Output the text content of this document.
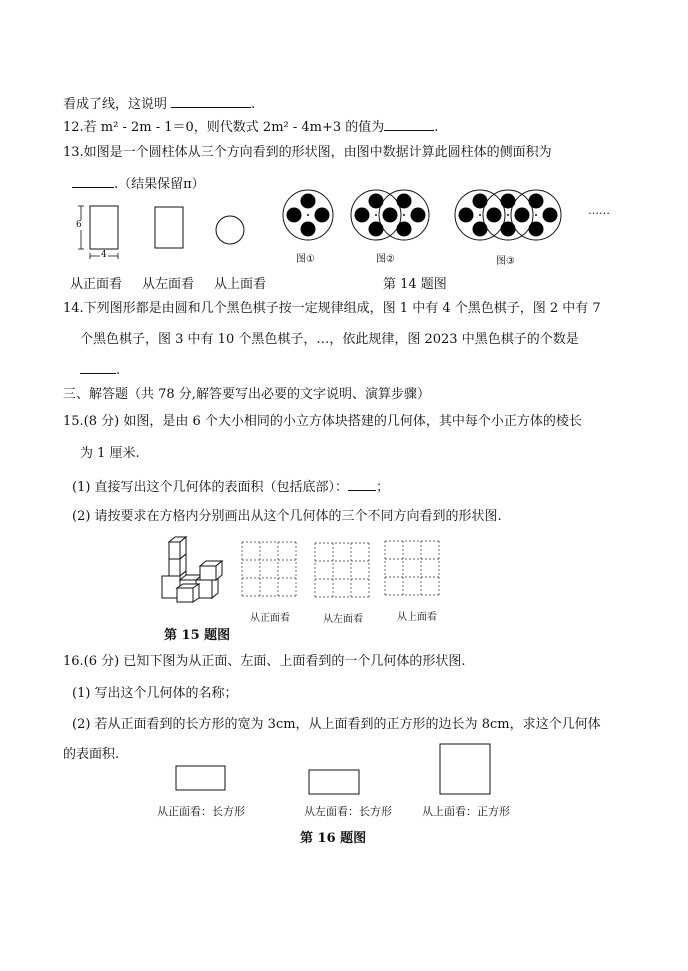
看成了线，这说明	.
12.若 m² - 2m - 1＝0，则代数式 2m² - 4m+3 的值为	.
13.如图是一个圆柱体从三个方向看到的形状图，由图中数据计算此圆柱体的侧面积为
.（结果保留π）
6
4
从正面看 从左面看 从上面看
图①	图②	图③
……
第 14 题图
14.下列图形都是由圆和几个黑色棋子按一定规律组成，图 1 中有 4 个黑色棋子，图 2 中有 7
个黑色棋子，图 3 中有 10 个黑色棋子，…，依此规律，图 2023 中黑色棋子的个数是
.
三、解答题（共 78 分,解答要写出必要的文字说明、演算步骤）
15.(8 分) 如图，是由 6 个大小相同的小立方体块搭建的几何体，其中每个小正方体的棱长
为 1 厘米.
(1) 直接写出这个几何体的表面积（包括底部）： ；
(2) 请按要求在方格内分别画出从这个几何体的三个不同方向看到的形状图.
从正面看	从左面看	从上面看
第 15 题图
16.(6 分) 已知下图为从正面、左面、上面看到的一个几何体的形状图.
(1) 写出这个几何体的名称；
(2) 若从正面看到的长方形的宽为 3cm，从上面看到的正方形的边长为 8cm，求这个几何体
的表面积.
从正面看：长方形	从左面看：长方形	从上面看：正方形
第 16 题图
